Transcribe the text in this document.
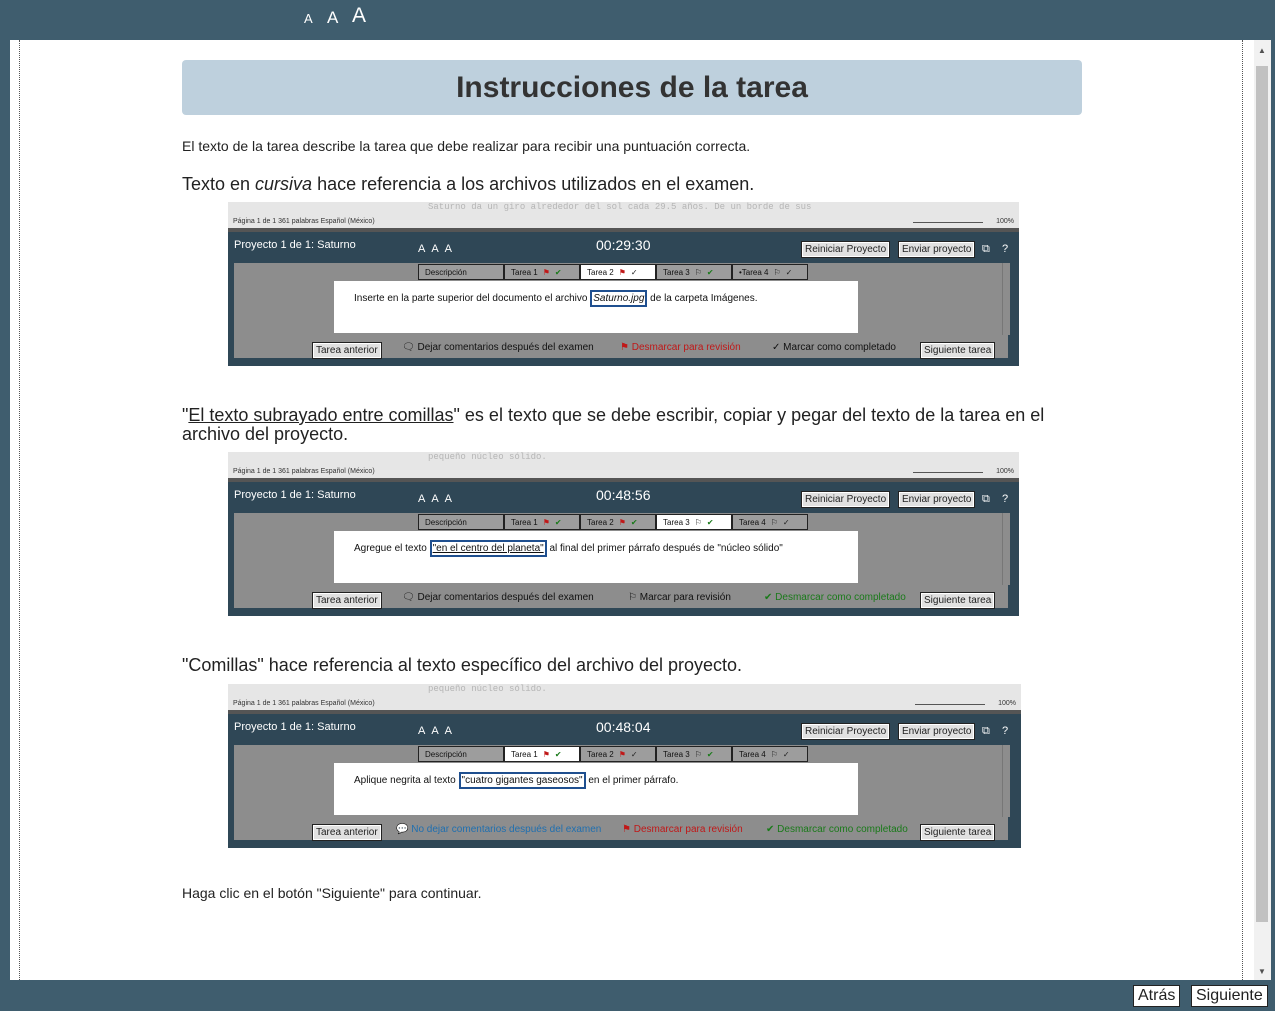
A A A
Instrucciones de la tarea

El texto de la tarea describe la tarea que debe realizar para recibir una puntuación correcta.

Texto en cursiva hace referencia a los archivos utilizados en el examen.

Saturno da un giro alrededor del sol cada 29.5 años. De un borde de sus
Página 1 de 1 361 palabras Español (México)	100%
Proyecto 1 de 1: Saturno	AAA	00:29:30	Reiniciar Proyecto	Enviar proyecto ⧉ ?
Descripción	Tarea 1 ⚑ ✔	Tarea 2 ⚑ ✓	Tarea 3 ⚐ ✔	•Tarea 4 ⚐ ✓
Inserte en la parte superior del documento el archivo Saturno.jpg de la carpeta Imágenes.
Tarea anterior	🗨 Dejar comentarios después del examen	⚑ Desmarcar para revisión	✓ Marcar como completado	Siguiente tarea

"El texto subrayado entre comillas" es el texto que se debe escribir, copiar y pegar del texto de la tarea en el archivo del proyecto.

pequeño núcleo sólido.
Página 1 de 1 361 palabras Español (México)	100%
Proyecto 1 de 1: Saturno	AAA	00:48:56	Reiniciar Proyecto	Enviar proyecto ⧉ ?
Descripción	Tarea 1 ⚑ ✔	Tarea 2 ⚑ ✔	Tarea 3 ⚐ ✔	Tarea 4 ⚐ ✓
Agregue el texto "en el centro del planeta" al final del primer párrafo después de "núcleo sólido"
Tarea anterior	🗨 Dejar comentarios después del examen	⚐ Marcar para revisión	✔ Desmarcar como completado	Siguiente tarea

"Comillas" hace referencia al texto específico del archivo del proyecto.

pequeño núcleo sólido.
Página 1 de 1 361 palabras Español (México)	100%
Proyecto 1 de 1: Saturno	AAA	00:48:04	Reiniciar Proyecto	Enviar proyecto ⧉ ?
Descripción	Tarea 1 ⚑ ✔	Tarea 2 ⚑ ✓	Tarea 3 ⚐ ✔	Tarea 4 ⚐ ✓
Aplique negrita al texto "cuatro gigantes gaseosos" en el primer párrafo.
Tarea anterior	💬 No dejar comentarios después del examen ⚑ Desmarcar para revisión ✔ Desmarcar como completado	Siguiente tarea

Haga clic en el botón "Siguiente" para continuar.

▲
▼
Atrás	Siguiente
